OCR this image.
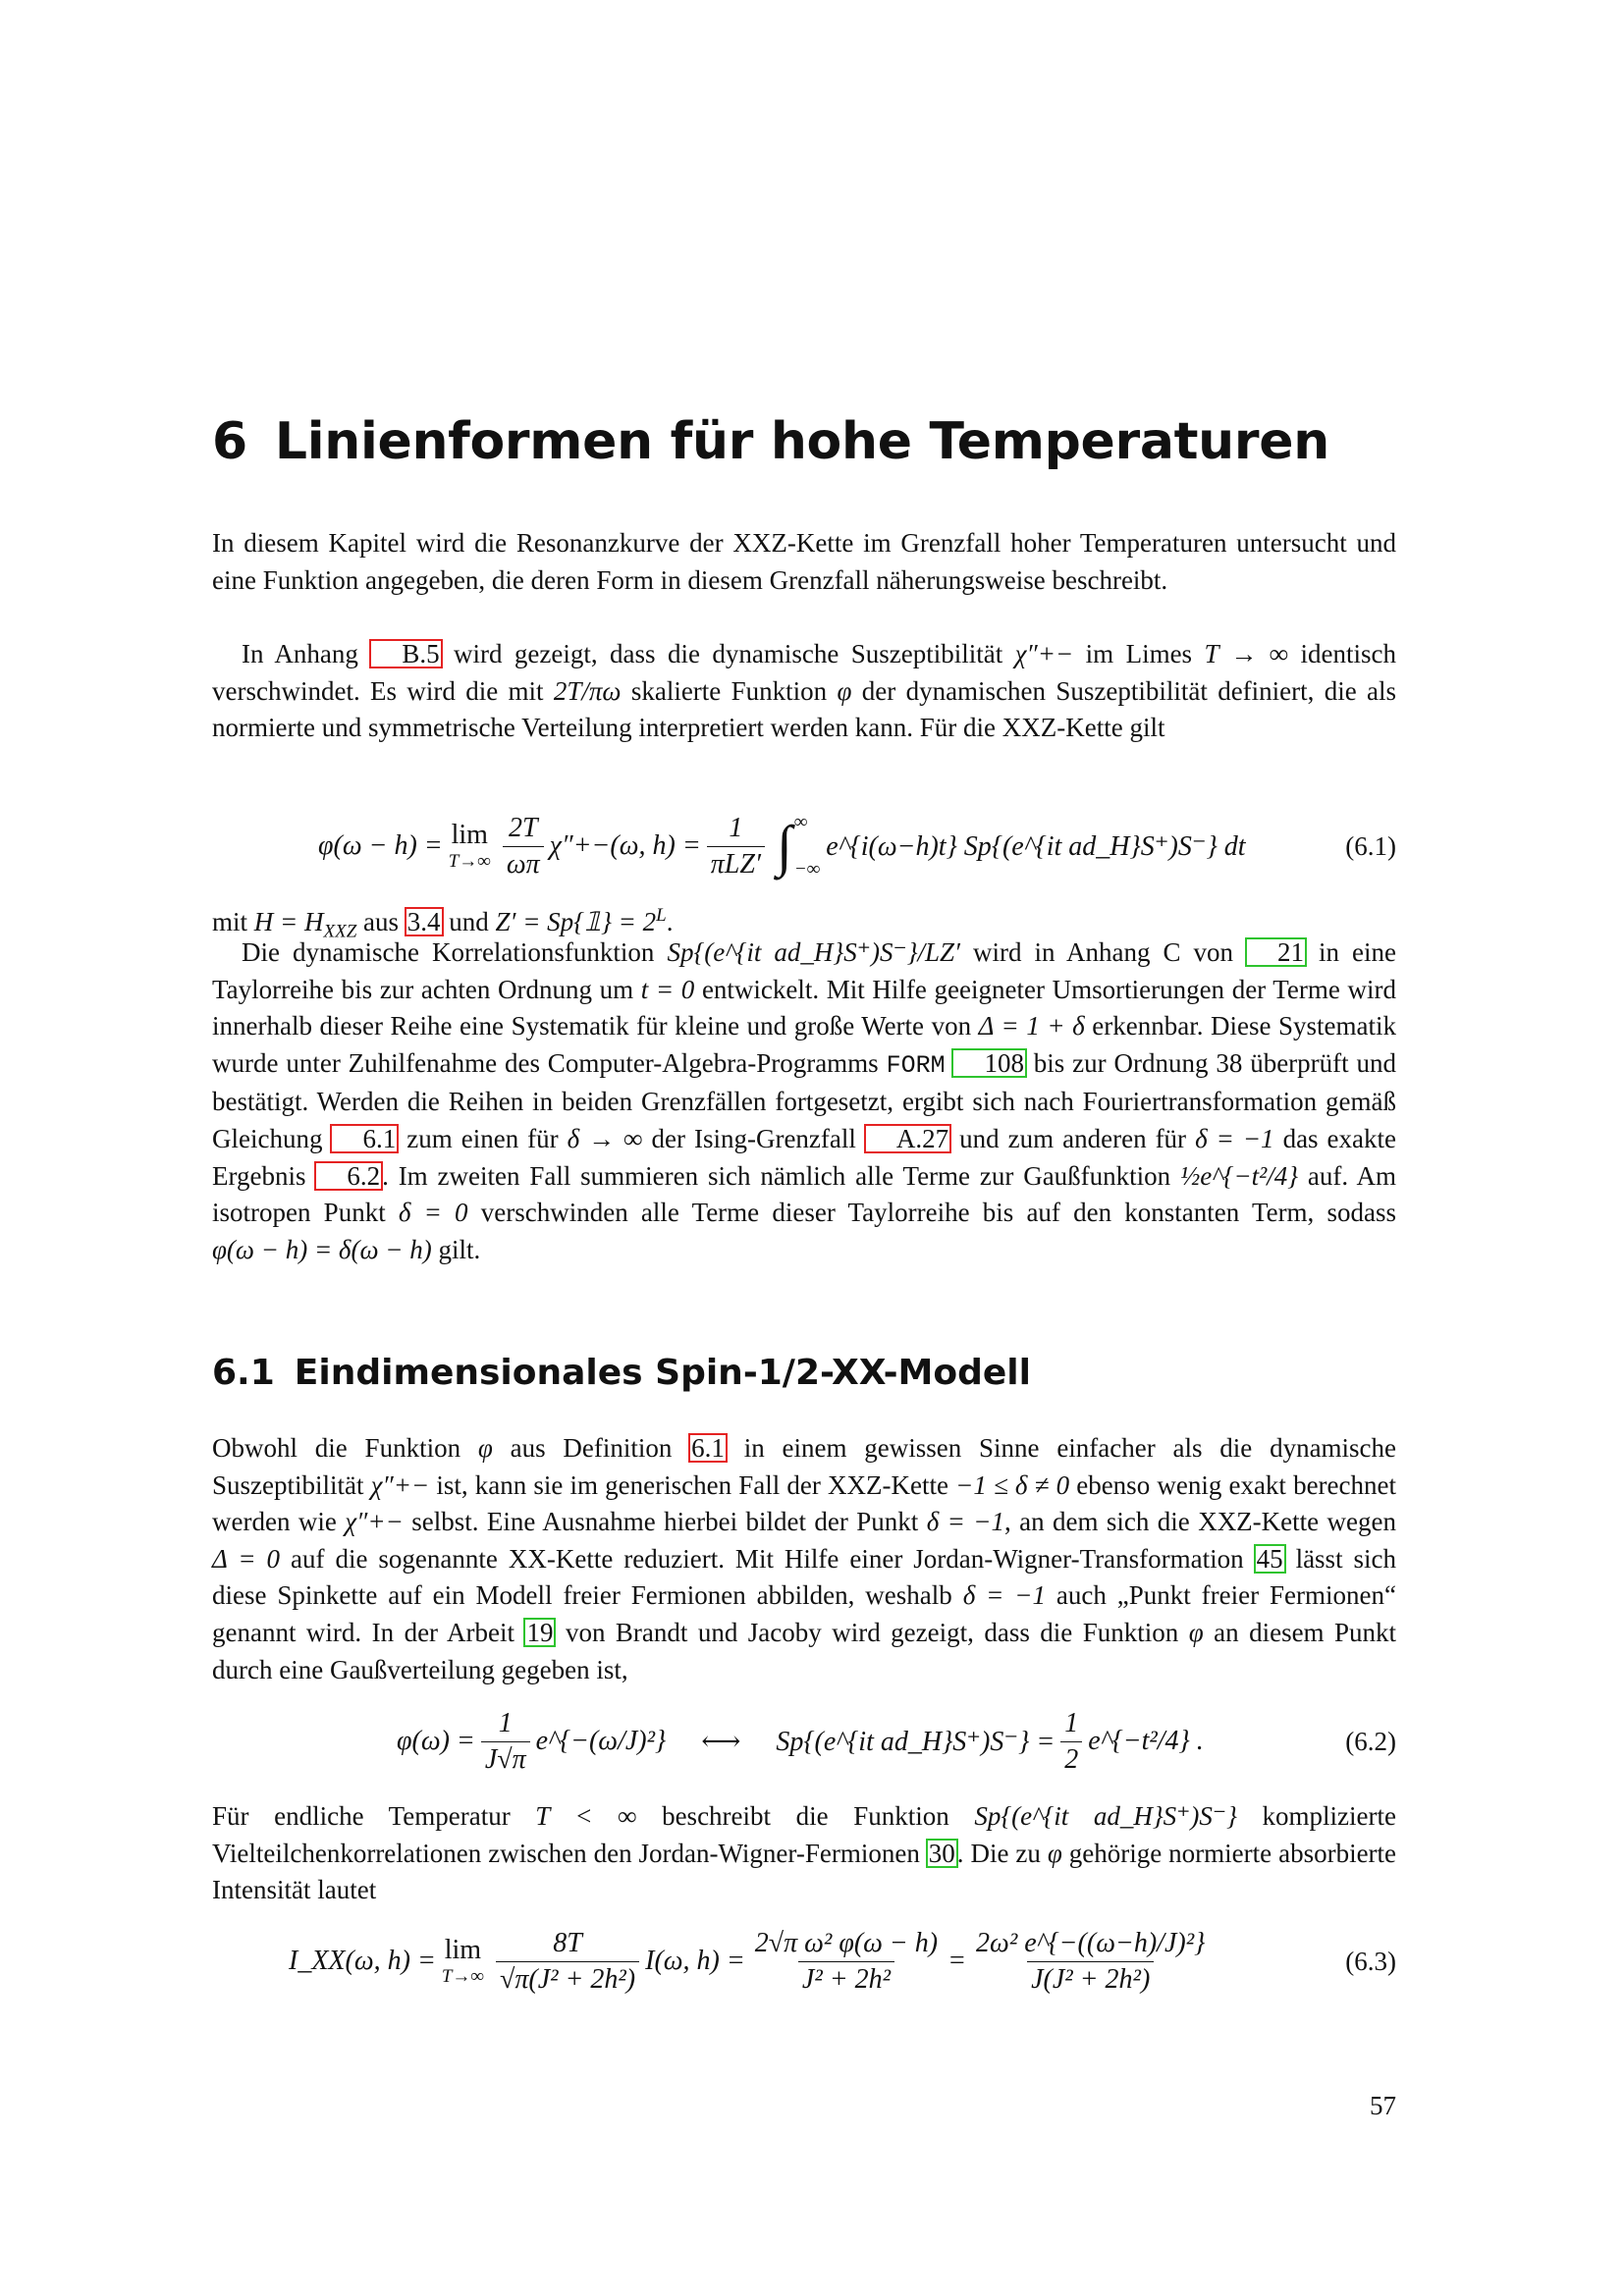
6 Linienformen für hohe Temperaturen

In diesem Kapitel wird die Resonanzkurve der XXZ-Kette im Grenzfall hoher Temperaturen untersucht und eine Funktion angegeben, die deren Form in diesem Grenzfall näherungsweise beschreibt.

In Anhang B.5 wird gezeigt, dass die dynamische Suszeptibilität χ″+− im Limes T → ∞ identisch verschwindet. Es wird die mit 2T/πω skalierte Funktion φ der dynamischen Suszeptibilität definiert, die als normierte und symmetrische Verteilung interpretiert werden kann. Für die XXZ-Kette gilt

φ(ω − h) = lim
$T\to\infty \frac{2T}{\omega\pi} \chi''+-(\omega$, $h) = \frac{1}{\text{πLZ′}}$ ∫ ∞
−∞
e^{i(ω−h)t} Sp{(e^{it ad_H}S⁺)S⁻} dt	(6.1)

mit $H = H_{XXZ}$ aus 3.4 und Z′ = Sp{𝟙} = $2^L$.

Die dynamische Korrelationsfunktion Sp{(e^{it ad_H}S⁺)S⁻}/LZ′ wird in Anhang C von 21 in eine Taylorreihe bis zur achten Ordnung um t = 0 entwickelt. Mit Hilfe geeigneter Umsortierungen der Terme wird innerhalb dieser Reihe eine Systematik für kleine und große Werte von Δ = 1 + δ erkennbar. Diese Systematik wurde unter Zuhilfenahme des Computer-Algebra-Programms FORM 108 bis zur Ordnung 38 überprüft und bestätigt. Werden die Reihen in beiden Grenzfällen fortgesetzt, ergibt sich nach Fouriertransformation gemäß Gleichung 6.1 zum einen für δ → ∞ der Ising-Grenzfall A.27 und zum anderen für δ = −1 das exakte Ergebnis 6.2. Im zweiten Fall summieren sich nämlich alle Terme zur Gaußfunktion ½e^{−t²/4} auf. Am isotropen Punkt δ = 0 verschwinden alle Terme dieser Taylorreihe bis auf den konstanten Term, sodass φ(ω − h) = δ(ω − h) gilt.

6.1 Eindimensionales Spin-1/2-XX-Modell

Obwohl die Funktion φ aus Definition 6.1 in einem gewissen Sinne einfacher als die dynamische Suszeptibilität χ″+− ist, kann sie im generischen Fall der XXZ-Kette −1 ≤ δ ≠ 0 ebenso wenig exakt berechnet werden wie χ″+− selbst. Eine Ausnahme hierbei bildet der Punkt δ = −1, an dem sich die XXZ-Kette wegen Δ = 0 auf die sogenannte XX-Kette reduziert. Mit Hilfe einer Jordan-Wigner-Transformation 45 lässt sich diese Spinkette auf ein Modell freier Fermionen abbilden, weshalb δ = −1 auch „Punkt freier Fermionen“ genannt wird. In der Arbeit 19 von Brandt und Jacoby wird gezeigt, dass die Funktion φ an diesem Punkt durch eine Gaußverteilung gegeben ist,

$\varphi(\omega) = \frac{1}{J√\pi}$ e^{−(ω/J)²} ⟷ Sp{(e^{it ad_H}S⁺)S⁻} = $\frac{1}{2}$ e^{−t²/4} .	(6.2)

Für endliche Temperatur T < ∞ beschreibt die Funktion Sp{(e^{it ad_H}S⁺)S⁻} komplizierte Vielteilchenkorrelationen zwischen den Jordan-Wigner-Fermionen 30. Die zu φ gehörige normierte absorbierte Intensität lautet

I_XX(ω, h) = lim
$T\to\infty \frac{8T}{\text{√π(J² + 2h²)}} I(\omega$, $h) = \frac{\text{2√π ω² φ(ω − h)}}{\text{J² + 2h²}} = \frac{\text{2ω² e\textasciicircum{}\{−((ω−h)/J)²\}}}{\text{J(J² + 2h²)}}$	(6.3)
57
